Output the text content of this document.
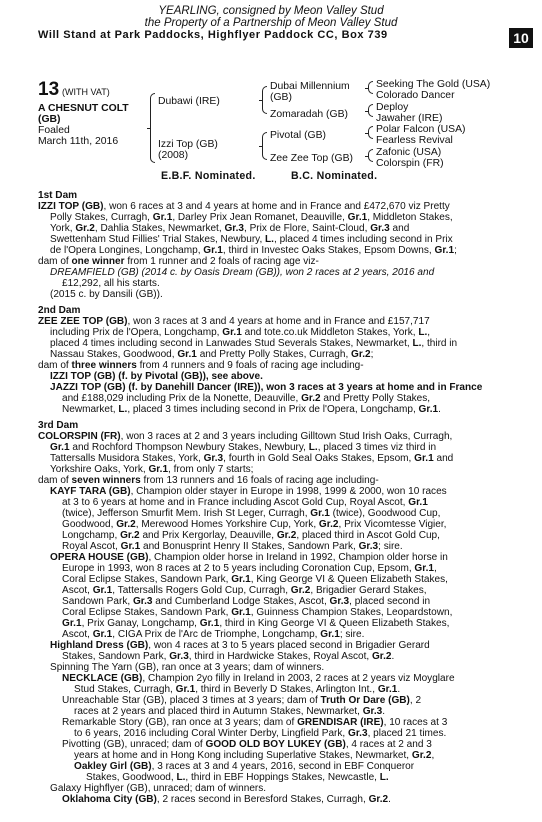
YEARLING, consigned by Meon Valley Stud
the Property of a Partnership of Meon Valley Stud
Will Stand at Park Paddocks, Highflyer Paddock CC, Box 739	10
13 (WITH VAT)
A CHESNUT COLT
(GB)
Foaled
March 11th, 2016
Dubawi (IRE)
Izzi Top (GB)
(2008)
Dubai Millennium
(GB)
Zomaradah (GB)
Pivotal (GB)
Zee Zee Top (GB)
Seeking The Gold (USA)
Colorado Dancer
Deploy
Jawaher (IRE)
Polar Falcon (USA)
Fearless Revival
Zafonic (USA)
Colorspin (FR)
E.B.F. Nominated.	B.C. Nominated.
1st Dam
IZZI TOP (GB), won 6 races at 3 and 4 years at home and in France and £472,670 viz Pretty
Polly Stakes, Curragh, Gr.1, Darley Prix Jean Romanet, Deauville, Gr.1, Middleton Stakes,
York, Gr.2, Dahlia Stakes, Newmarket, Gr.3, Prix de Flore, Saint-Cloud, Gr.3 and
Swettenham Stud Fillies' Trial Stakes, Newbury, L., placed 4 times including second in Prix
de l'Opera Longines, Longchamp, Gr.1, third in Investec Oaks Stakes, Epsom Downs, Gr.1;
dam of one winner from 1 runner and 2 foals of racing age viz-
DREAMFIELD (GB) (2014 c. by Oasis Dream (GB)), won 2 races at 2 years, 2016 and
£12,292, all his starts.
(2015 c. by Dansili (GB)).
2nd Dam
ZEE ZEE TOP (GB), won 3 races at 3 and 4 years at home and in France and £157,717
including Prix de l'Opera, Longchamp, Gr.1 and tote.co.uk Middleton Stakes, York, L.,
placed 4 times including second in Lanwades Stud Severals Stakes, Newmarket, L., third in
Nassau Stakes, Goodwood, Gr.1 and Pretty Polly Stakes, Curragh, Gr.2;
dam of three winners from 4 runners and 9 foals of racing age including-
IZZI TOP (GB) (f. by Pivotal (GB)), see above.
JAZZI TOP (GB) (f. by Danehill Dancer (IRE)), won 3 races at 3 years at home and in France
and £188,029 including Prix de la Nonette, Deauville, Gr.2 and Pretty Polly Stakes,
Newmarket, L., placed 3 times including second in Prix de l'Opera, Longchamp, Gr.1.
3rd Dam
COLORSPIN (FR), won 3 races at 2 and 3 years including Gilltown Stud Irish Oaks, Curragh,
Gr.1 and Rochford Thompson Newbury Stakes, Newbury, L., placed 3 times viz third in
Tattersalls Musidora Stakes, York, Gr.3, fourth in Gold Seal Oaks Stakes, Epsom, Gr.1 and
Yorkshire Oaks, York, Gr.1, from only 7 starts;
dam of seven winners from 13 runners and 16 foals of racing age including-
KAYF TARA (GB), Champion older stayer in Europe in 1998, 1999 & 2000, won 10 races
at 3 to 6 years at home and in France including Ascot Gold Cup, Royal Ascot, Gr.1
(twice), Jefferson Smurfit Mem. Irish St Leger, Curragh, Gr.1 (twice), Goodwood Cup,
Goodwood, Gr.2, Merewood Homes Yorkshire Cup, York, Gr.2, Prix Vicomtesse Vigier,
Longchamp, Gr.2 and Prix Kergorlay, Deauville, Gr.2, placed third in Ascot Gold Cup,
Royal Ascot, Gr.1 and Bonusprint Henry II Stakes, Sandown Park, Gr.3; sire.
OPERA HOUSE (GB), Champion older horse in Ireland in 1992, Champion older horse in
Europe in 1993, won 8 races at 2 to 5 years including Coronation Cup, Epsom, Gr.1,
Coral Eclipse Stakes, Sandown Park, Gr.1, King George VI & Queen Elizabeth Stakes,
Ascot, Gr.1, Tattersalls Rogers Gold Cup, Curragh, Gr.2, Brigadier Gerard Stakes,
Sandown Park, Gr.3 and Cumberland Lodge Stakes, Ascot, Gr.3, placed second in
Coral Eclipse Stakes, Sandown Park, Gr.1, Guinness Champion Stakes, Leopardstown,
Gr.1, Prix Ganay, Longchamp, Gr.1, third in King George VI & Queen Elizabeth Stakes,
Ascot, Gr.1, CIGA Prix de l'Arc de Triomphe, Longchamp, Gr.1; sire.
Highland Dress (GB), won 4 races at 3 to 5 years placed second in Brigadier Gerard
Stakes, Sandown Park, Gr.3, third in Hardwicke Stakes, Royal Ascot, Gr.2.
Spinning The Yarn (GB), ran once at 3 years; dam of winners.
NECKLACE (GB), Champion 2yo filly in Ireland in 2003, 2 races at 2 years viz Moyglare
Stud Stakes, Curragh, Gr.1, third in Beverly D Stakes, Arlington Int., Gr.1.
Unreachable Star (GB), placed 3 times at 3 years; dam of Truth Or Dare (GB), 2
races at 2 years and placed third in Autumn Stakes, Newmarket, Gr.3.
Remarkable Story (GB), ran once at 3 years; dam of GRENDISAR (IRE), 10 races at 3
to 6 years, 2016 including Coral Winter Derby, Lingfield Park, Gr.3, placed 21 times.
Pivotting (GB), unraced; dam of GOOD OLD BOY LUKEY (GB), 4 races at 2 and 3
years at home and in Hong Kong including Superlative Stakes, Newmarket, Gr.2,
Oakley Girl (GB), 3 races at 3 and 4 years, 2016, second in EBF Conqueror
Stakes, Goodwood, L., third in EBF Hoppings Stakes, Newcastle, L.
Galaxy Highflyer (GB), unraced; dam of winners.
Oklahoma City (GB), 2 races second in Beresford Stakes, Curragh, Gr.2.
